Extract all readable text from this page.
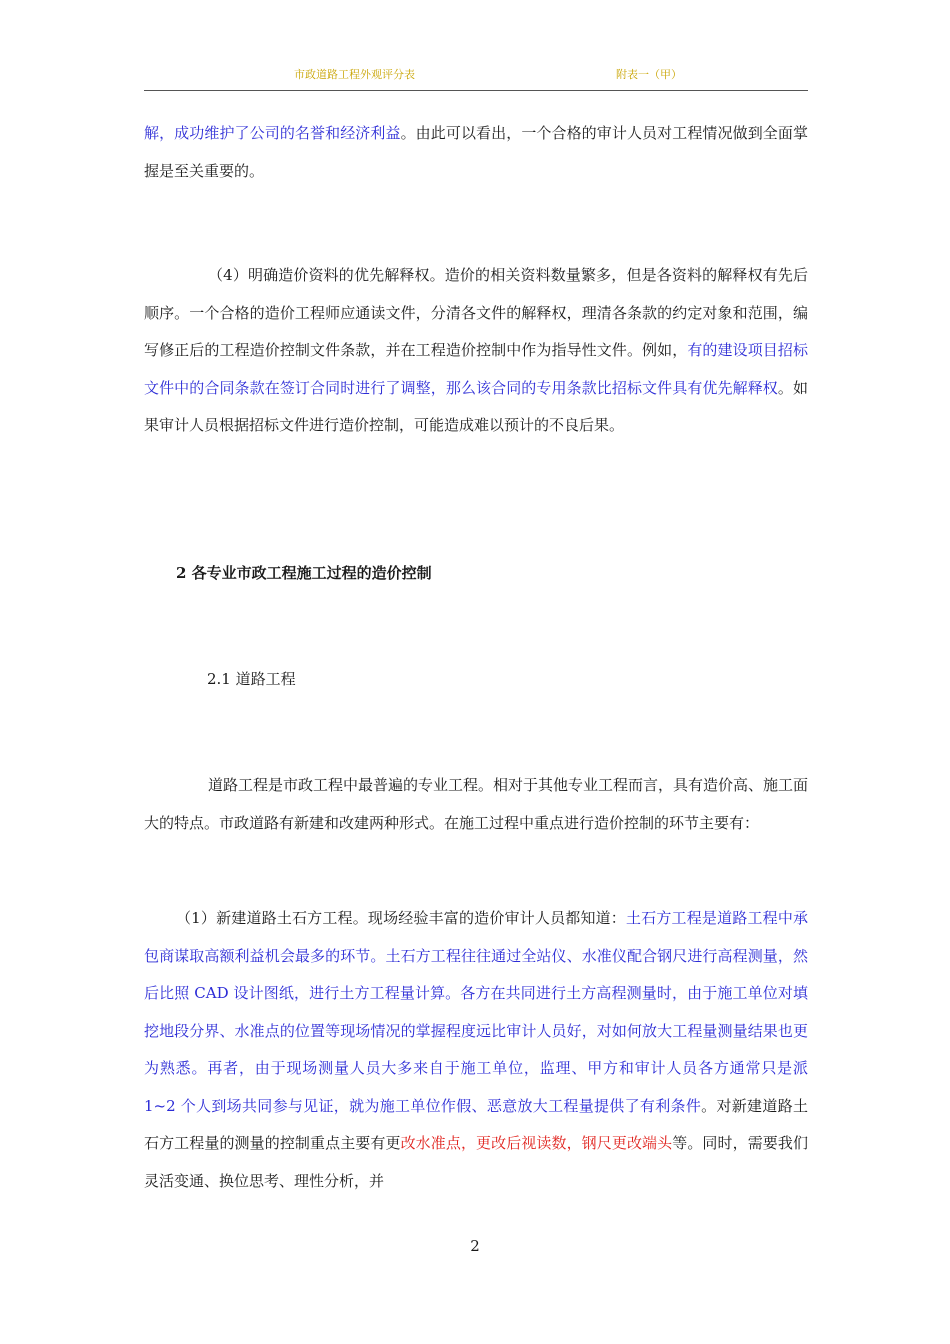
市政道路工程外观评分表	附表一（甲）

解，成功维护了公司的名誉和经济利益。由此可以看出，一个合格的审计人员对工程情况做到全面掌握是至关重要的。

（4）明确造价资料的优先解释权。造价的相关资料数量繁多，但是各资料的解释权有先后顺序。一个合格的造价工程师应通读文件，分清各文件的解释权，理清各条款的约定对象和范围，编写修正后的工程造价控制文件条款，并在工程造价控制中作为指导性文件。例如，有的建设项目招标文件中的合同条款在签订合同时进行了调整，那么该合同的专用条款比招标文件具有优先解释权。如果审计人员根据招标文件进行造价控制，可能造成难以预计的不良后果。

2 各专业市政工程施工过程的造价控制

2.1 道路工程

道路工程是市政工程中最普遍的专业工程。相对于其他专业工程而言，具有造价高、施工面大的特点。市政道路有新建和改建两种形式。在施工过程中重点进行造价控制的环节主要有：

（1）新建道路土石方工程。现场经验丰富的造价审计人员都知道：土石方工程是道路工程中承包商谋取高额利益机会最多的环节。土石方工程往往通过全站仪、水准仪配合钢尺进行高程测量，然后比照 CAD 设计图纸，进行土方工程量计算。各方在共同进行土方高程测量时，由于施工单位对填挖地段分界、水准点的位置等现场情况的掌握程度远比审计人员好，对如何放大工程量测量结果也更为熟悉。再者，由于现场测量人员大多来自于施工单位，监理、甲方和审计人员各方通常只是派 1~2 个人到场共同参与见证，就为施工单位作假、恶意放大工程量提供了有利条件。对新建道路土石方工程量的测量的控制重点主要有更改水准点，更改后视读数，钢尺更改端头等。同时，需要我们灵活变通、换位思考、理性分析，并

2
